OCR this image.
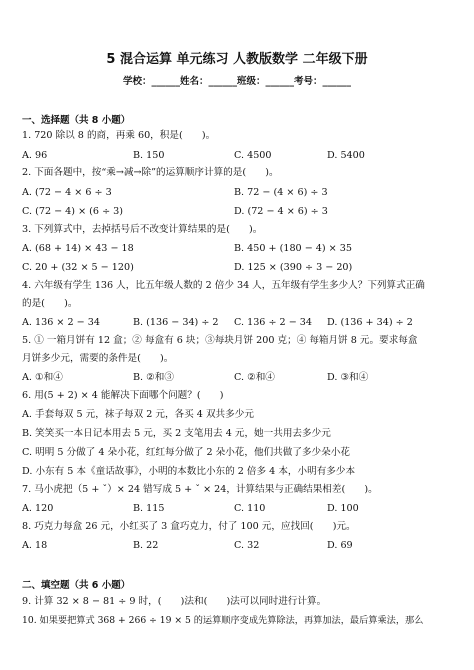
5 混合运算 单元练习 人教版数学 二年级下册
学校：______姓名：______班级：______考号：______
一、选择题（共 8 小题）
1. 720 除以 8 的商，再乘 60，积是(　　)。
A. 96	B. 150	C. 4500	D. 5400
2. 下面各题中，按“乘→减→除”的运算顺序计算的是(　　)。
A. (72 − 4 × 6 ÷ 3	B. 72 − (4 × 6) ÷ 3
C. (72 − 4) × (6 ÷ 3)	D. (72 − 4 × 6) ÷ 3
3. 下列算式中，去掉括号后不改变计算结果的是(　　)。
A. (68 + 14) × 43 − 18	B. 450 + (180 − 4) × 35
C. 20 + (32 × 5 − 120)	D. 125 × (390 ÷ 3 − 20)
4. 六年级有学生 136 人，比五年级人数的 2 倍少 34 人，五年级有学生多少人？下列算式正确
的是(　　)。
A. 136 × 2 − 34	B. (136 − 34) ÷ 2 C. 136 ÷ 2 − 34 D. (136 + 34) ÷ 2
5. ① 一箱月饼有 12 盒；② 每盒有 6 块；③每块月饼 200 克；④ 每箱月饼 8 元。要求每盒
月饼多少元，需要的条件是(　　)。
A. ①和④	B. ②和③	C. ②和④	D. ③和④
6. 用(5 + 2) × 4 能解决下面哪个问题？(　　)
A. 手套每双 5 元，袜子每双 2 元，各买 4 双共多少元
B. 笑笑买一本日记本用去 5 元，买 2 支笔用去 4 元，她一共用去多少元
C. 明明 5 分做了 4 朵小花，红红每分做了 2 朵小花，他们共做了多少朵小花
D. 小东有 5 本《童话故事》，小明的本数比小东的 2 倍多 4 本，小明有多少本
7. 马小虎把（5 + ˇ）× 24 错写成 5 + ˇ × 24，计算结果与正确结果相差(　　)。
A. 120	B. 115	C. 110	D. 100
8. 巧克力每盒 26 元，小红买了 3 盒巧克力，付了 100 元，应找回(　　)元。
A. 18	B. 22	C. 32	D. 69
二、填空题（共 6 小题）
9. 计算 32 × 8 − 81 ÷ 9 时，(　　)法和(　　)法可以同时进行计算。
10. 如果要把算式 368 + 266 ÷ 19 × 5 的运算顺序变成先算除法，再算加法，最后算乘法，那么
